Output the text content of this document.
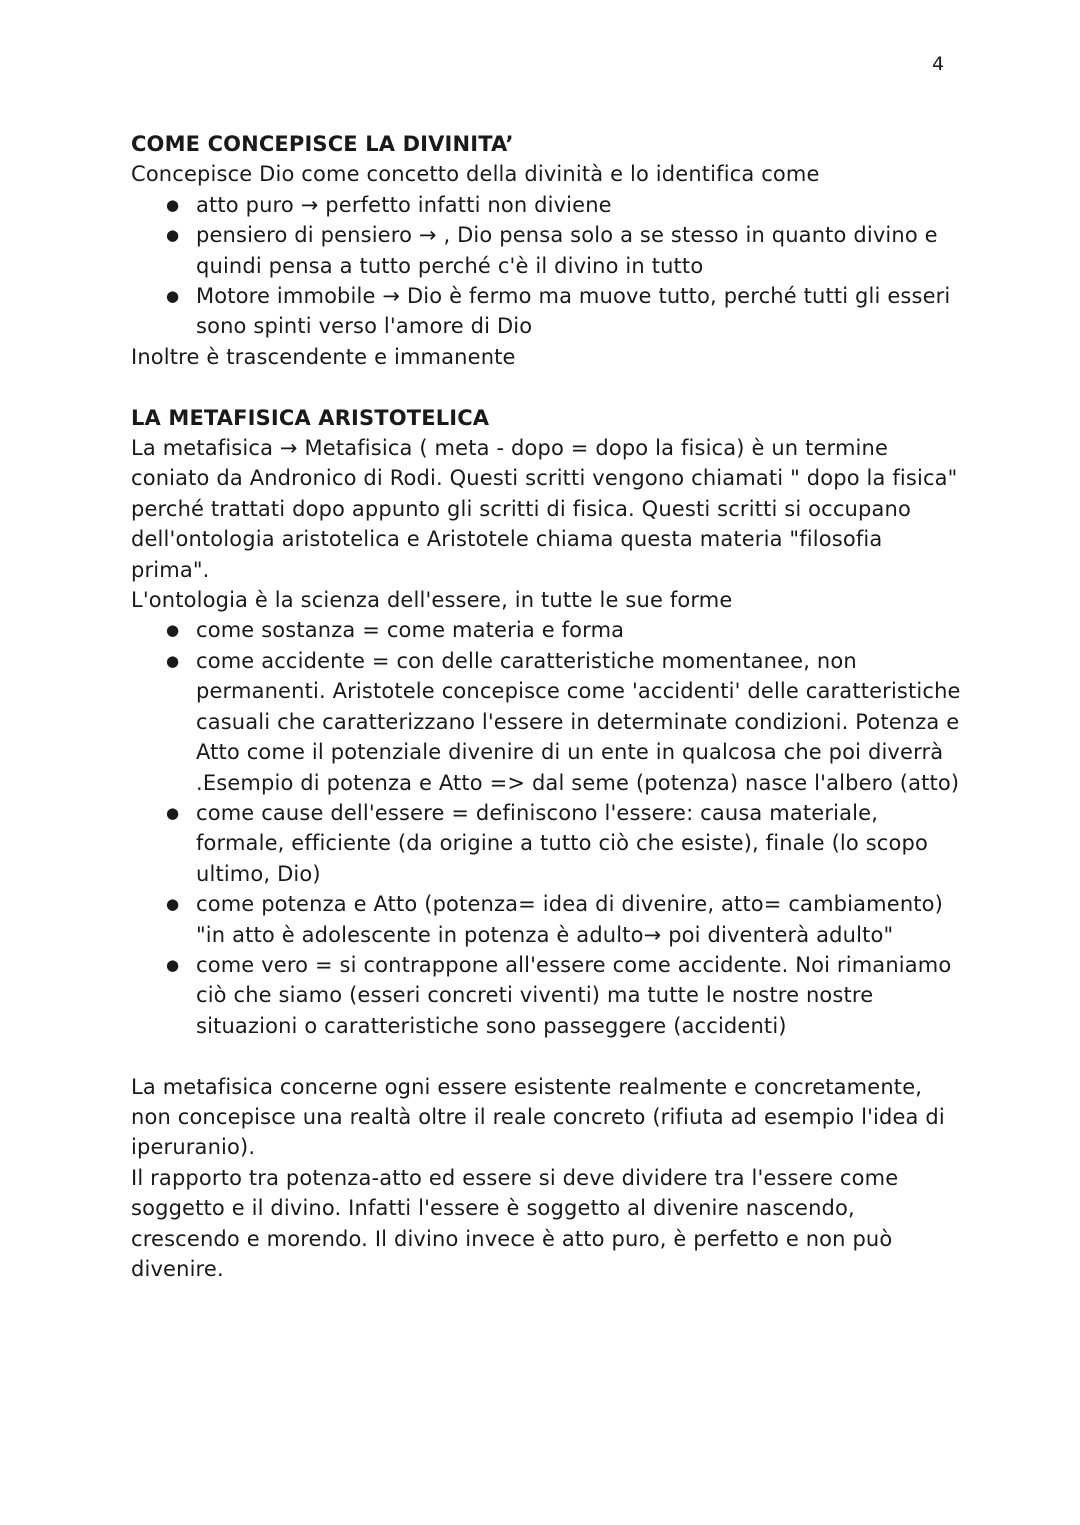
4
COME CONCEPISCE LA DIVINITA’

Concepisce Dio come concetto della divinità e lo identifica come

● atto puro → perfetto infatti non diviene
● pensiero di pensiero → , Dio pensa solo a se stesso in quanto divino e quindi pensa a tutto perché c'è il divino in tutto
● Motore immobile → Dio è fermo ma muove tutto, perché tutti gli esseri sono spinti verso l'amore di Dio

Inoltre è trascendente e immanente

LA METAFISICA ARISTOTELICA

La metafisica → Metafisica ( meta - dopo = dopo la fisica) è un termine coniato da Andronico di Rodi. Questi scritti vengono chiamati " dopo la fisica" perché trattati dopo appunto gli scritti di fisica. Questi scritti si occupano dell'ontologia aristotelica e Aristotele chiama questa materia "filosofia prima".

L'ontologia è la scienza dell'essere, in tutte le sue forme

● come sostanza = come materia e forma
● come accidente = con delle caratteristiche momentanee, non permanenti. Aristotele concepisce come 'accidenti' delle caratteristiche casuali che caratterizzano l'essere in determinate condizioni. Potenza e Atto come il potenziale divenire di un ente in qualcosa che poi diverrà .Esempio di potenza e Atto => dal seme (potenza) nasce l'albero (atto)
● come cause dell'essere = definiscono l'essere: causa materiale, formale, efficiente (da origine a tutto ciò che esiste), finale (lo scopo ultimo, Dio)
● come potenza e Atto (potenza= idea di divenire, atto= cambiamento) "in atto è adolescente in potenza è adulto→ poi diventerà adulto"
● come vero = si contrappone all'essere come accidente. Noi rimaniamo ciò che siamo (esseri concreti viventi) ma tutte le nostre nostre situazioni o caratteristiche sono passeggere (accidenti)

La metafisica concerne ogni essere esistente realmente e concretamente, non concepisce una realtà oltre il reale concreto (rifiuta ad esempio l'idea di iperuranio).

Il rapporto tra potenza-atto ed essere si deve dividere tra l'essere come soggetto e il divino. Infatti l'essere è soggetto al divenire nascendo, crescendo e morendo. Il divino invece è atto puro, è perfetto e non può divenire.
